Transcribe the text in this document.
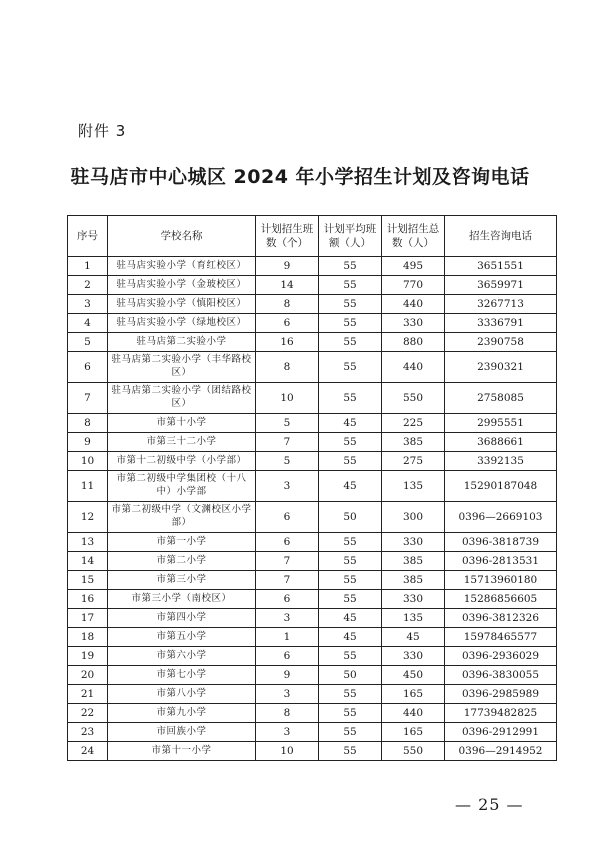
附件 3
驻马店市中心城区 2024 年小学招生计划及咨询电话
序号	学校名称	计划招生班数（个）	计划平均班额（人）	计划招生总数（人）	招生咨询电话
1	驻马店实验小学（育红校区）	9	55	495	3651551
2	驻马店实验小学（金玻校区）	14	55	770	3659971
3	驻马店实验小学（慎阳校区）	8	55	440	3267713
4	驻马店实验小学（绿地校区）	6	55	330	3336791
5	驻马店第二实验小学	16	55	880	2390758
6	驻马店第二实验小学（丰华路校区）	8	55	440	2390321
7	驻马店第二实验小学（团结路校区）	10	55	550	2758085
8	市第十小学	5	45	225	2995551
9	市第三十二小学	7	55	385	3688661
10	市第十二初级中学（小学部）	5	55	275	3392135
11	市第二初级中学集团校（十八中）小学部	3	45	135	15290187048
12	市第二初级中学（文渊校区小学部）	6	50	300	0396—2669103
13	市第一小学	6	55	330	0396-3818739
14	市第二小学	7	55	385	0396-2813531
15	市第三小学	7	55	385	15713960180
16	市第三小学（南校区）	6	55	330	15286856605
17	市第四小学	3	45	135	0396-3812326
18	市第五小学	1	45	45	15978465577
19	市第六小学	6	55	330	0396-2936029
20	市第七小学	9	50	450	0396-3830055
21	市第八小学	3	55	165	0396-2985989
22	市第九小学	8	55	440	17739482825
23	市回族小学	3	55	165	0396-2912991
24	市第十一小学	10	55	550	0396—2914952
— 25 —
